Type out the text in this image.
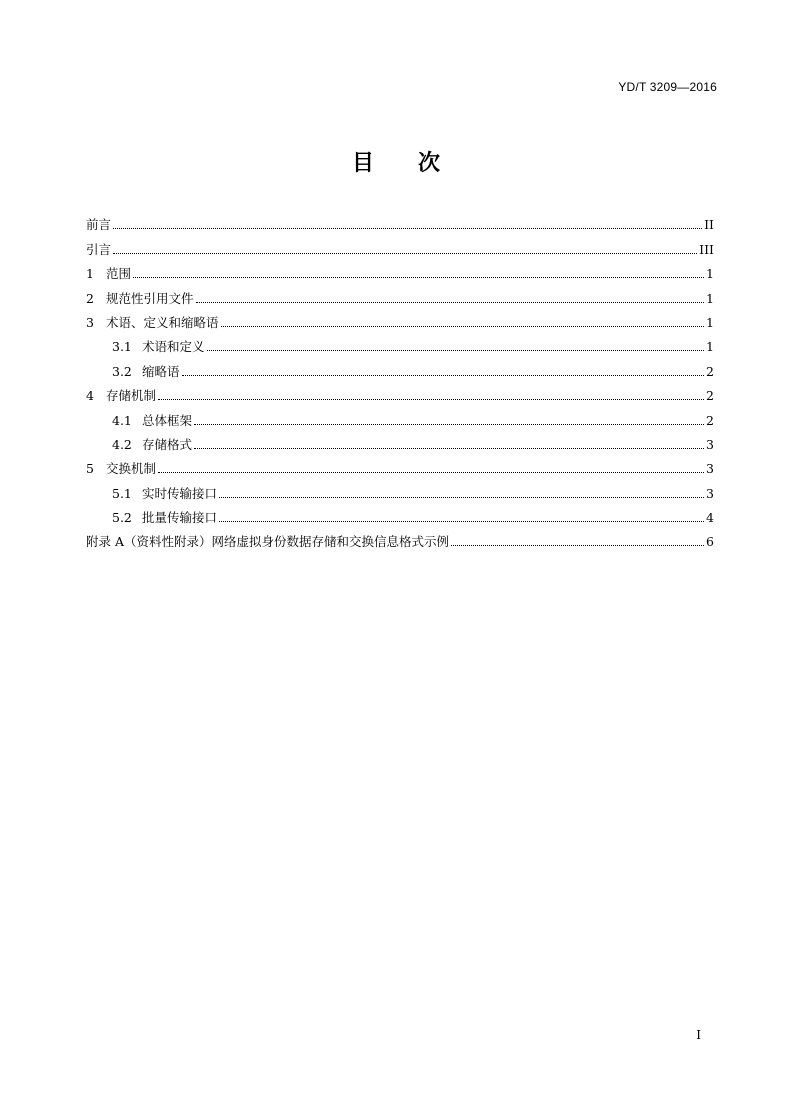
YD/T 3209—2016
目 次
前言	II
引言	III
1 范围	1
2 规范性引用文件	1
3 术语、定义和缩略语	1
3.1 术语和定义	1
3.2 缩略语	2
4 存储机制	2
4.1 总体框架	2
4.2 存储格式	3
5 交换机制	3
5.1 实时传输接口	3
5.2 批量传输接口	4
附录 A（资料性附录）网络虚拟身份数据存储和交换信息格式示例	6
I
